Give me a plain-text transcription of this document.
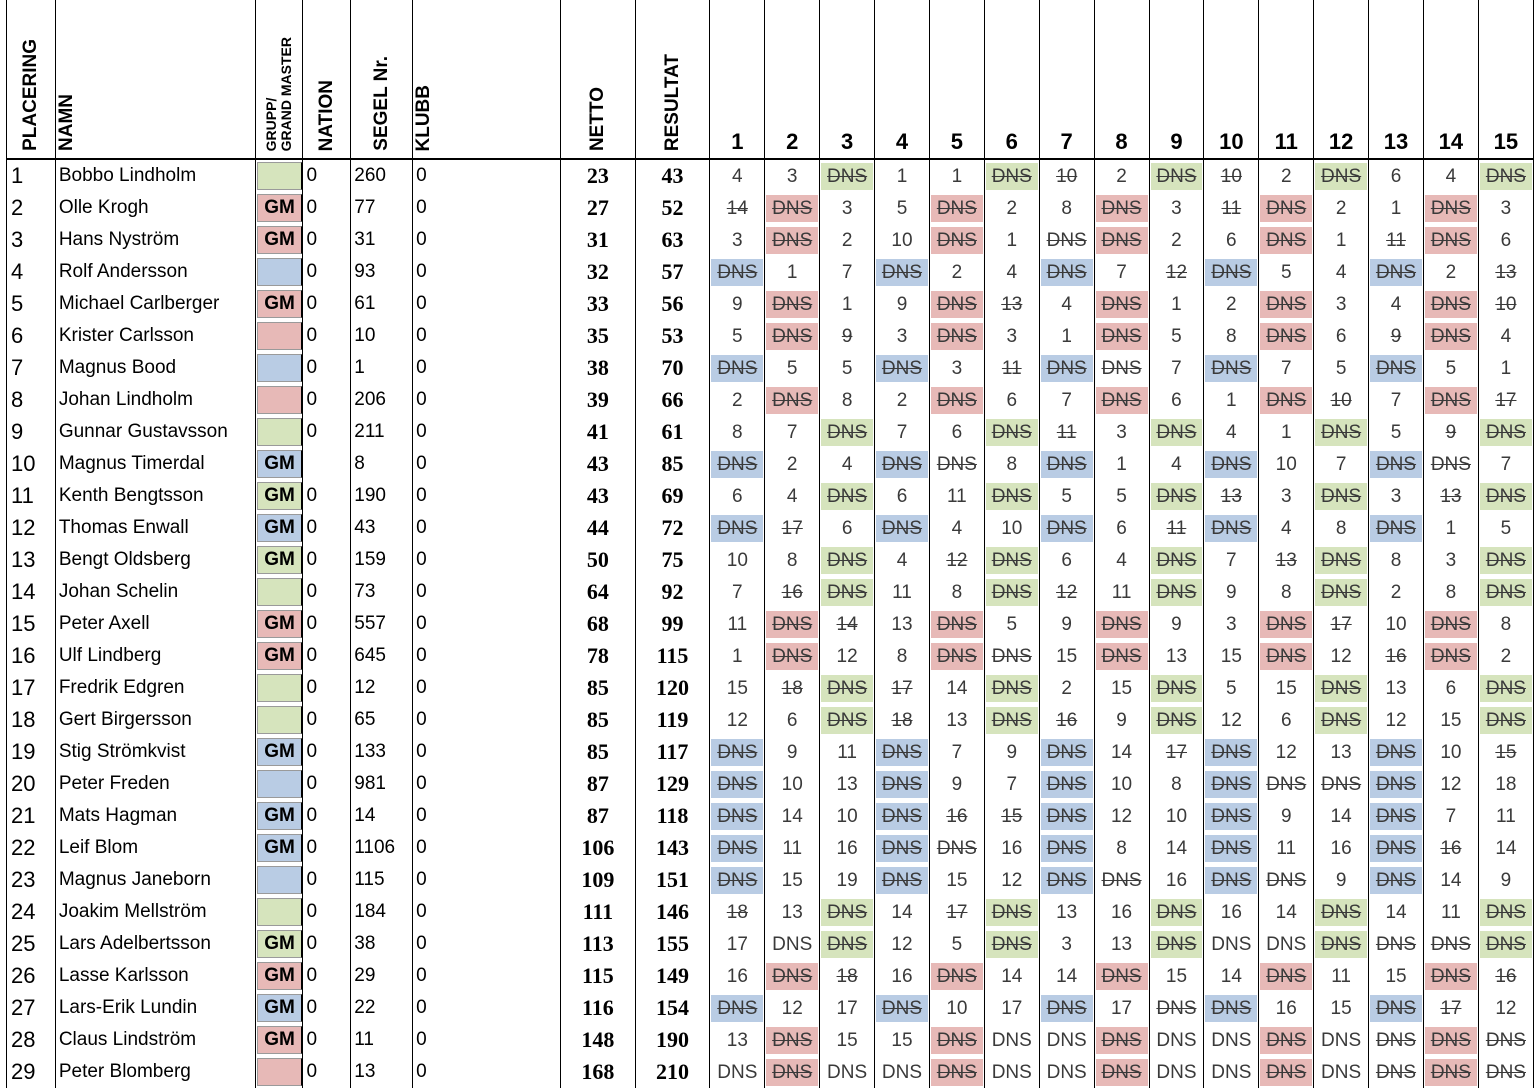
PLACERING	NAMN	GRUPP/
GRAND MASTER	NATION	SEGEL Nr.	KLUBB	NETTO	RESULTAT	1	2	3	4	5	6	7	8	9	10	11	12	13	14	15
1	Bobbo Lindholm		0	260	0	23	43	4	3	DNS	1	1	DNS	10	2	DNS	10	2	DNS	6	4	DNS

2	Olle Krogh	GM	0	77	0	27	52	14	DNS	3	5	DNS	2	8	DNS	3	11	DNS	2	1	DNS	3

3	Hans Nyström	GM	0	31	0	31	63	3	DNS	2	10	DNS	1	DNS	DNS	2	6	DNS	1	11	DNS	6

4	Rolf Andersson		0	93	0	32	57	DNS	1	7	DNS	2	4	DNS	7	12	DNS	5	4	DNS	2	13

5	Michael Carlberger	GM	0	61	0	33	56	9	DNS	1	9	DNS	13	4	DNS	1	2	DNS	3	4	DNS	10

6	Krister Carlsson		0	10	0	35	53	5	DNS	9	3	DNS	3	1	DNS	5	8	DNS	6	9	DNS	4

7	Magnus Bood		0	1	0	38	70	DNS	5	5	DNS	3	11	DNS	DNS	7	DNS	7	5	DNS	5	1

8	Johan Lindholm		0	206	0	39	66	2	DNS	8	2	DNS	6	7	DNS	6	1	DNS	10	7	DNS	17

9	Gunnar Gustavsson		0	211	0	41	61	8	7	DNS	7	6	DNS	11	3	DNS	4	1	DNS	5	9	DNS

10	Magnus Timerdal	GM		8	0	43	85	DNS	2	4	DNS	DNS	8	DNS	1	4	DNS	10	7	DNS	DNS	7

11	Kenth Bengtsson	GM	0	190	0	43	69	6	4	DNS	6	11	DNS	5	5	DNS	13	3	DNS	3	13	DNS

12	Thomas Enwall	GM	0	43	0	44	72	DNS	17	6	DNS	4	10	DNS	6	11	DNS	4	8	DNS	1	5

13	Bengt Oldsberg	GM	0	159	0	50	75	10	8	DNS	4	12	DNS	6	4	DNS	7	13	DNS	8	3	DNS

14	Johan Schelin		0	73	0	64	92	7	16	DNS	11	8	DNS	12	11	DNS	9	8	DNS	2	8	DNS

15	Peter Axell	GM	0	557	0	68	99	11	DNS	14	13	DNS	5	9	DNS	9	3	DNS	17	10	DNS	8

16	Ulf Lindberg	GM	0	645	0	78	115	1	DNS	12	8	DNS	DNS	15	DNS	13	15	DNS	12	16	DNS	2

17	Fredrik Edgren		0	12	0	85	120	15	18	DNS	17	14	DNS	2	15	DNS	5	15	DNS	13	6	DNS

18	Gert Birgersson		0	65	0	85	119	12	6	DNS	18	13	DNS	16	9	DNS	12	6	DNS	12	15	DNS

19	Stig Strömkvist	GM	0	133	0	85	117	DNS	9	11	DNS	7	9	DNS	14	17	DNS	12	13	DNS	10	15

20	Peter Freden		0	981	0	87	129	DNS	10	13	DNS	9	7	DNS	10	8	DNS	DNS	DNS	DNS	12	18

21	Mats Hagman	GM	0	14	0	87	118	DNS	14	10	DNS	16	15	DNS	12	10	DNS	9	14	DNS	7	11

22	Leif Blom	GM	0	1106	0	106	143	DNS	11	16	DNS	DNS	16	DNS	8	14	DNS	11	16	DNS	16	14

23	Magnus Janeborn		0	115	0	109	151	DNS	15	19	DNS	15	12	DNS	DNS	16	DNS	DNS	9	DNS	14	9

24	Joakim Mellström		0	184	0	111	146	18	13	DNS	14	17	DNS	13	16	DNS	16	14	DNS	14	11	DNS

25	Lars Adelbertsson	GM	0	38	0	113	155	17	DNS	DNS	12	5	DNS	3	13	DNS	DNS	DNS	DNS	DNS	DNS	DNS

26	Lasse Karlsson	GM	0	29	0	115	149	16	DNS	18	16	DNS	14	14	DNS	15	14	DNS	11	15	DNS	16

27	Lars-Erik Lundin	GM	0	22	0	116	154	DNS	12	17	DNS	10	17	DNS	17	DNS	DNS	16	15	DNS	17	12

28	Claus Lindström	GM	0	11	0	148	190	13	DNS	15	15	DNS	DNS	DNS	DNS	DNS	DNS	DNS	DNS	DNS	DNS	DNS

29	Peter Blomberg		0	13	0	168	210	DNS	DNS	DNS	DNS	DNS	DNS	DNS	DNS	DNS	DNS	DNS	DNS	DNS	DNS	DNS
